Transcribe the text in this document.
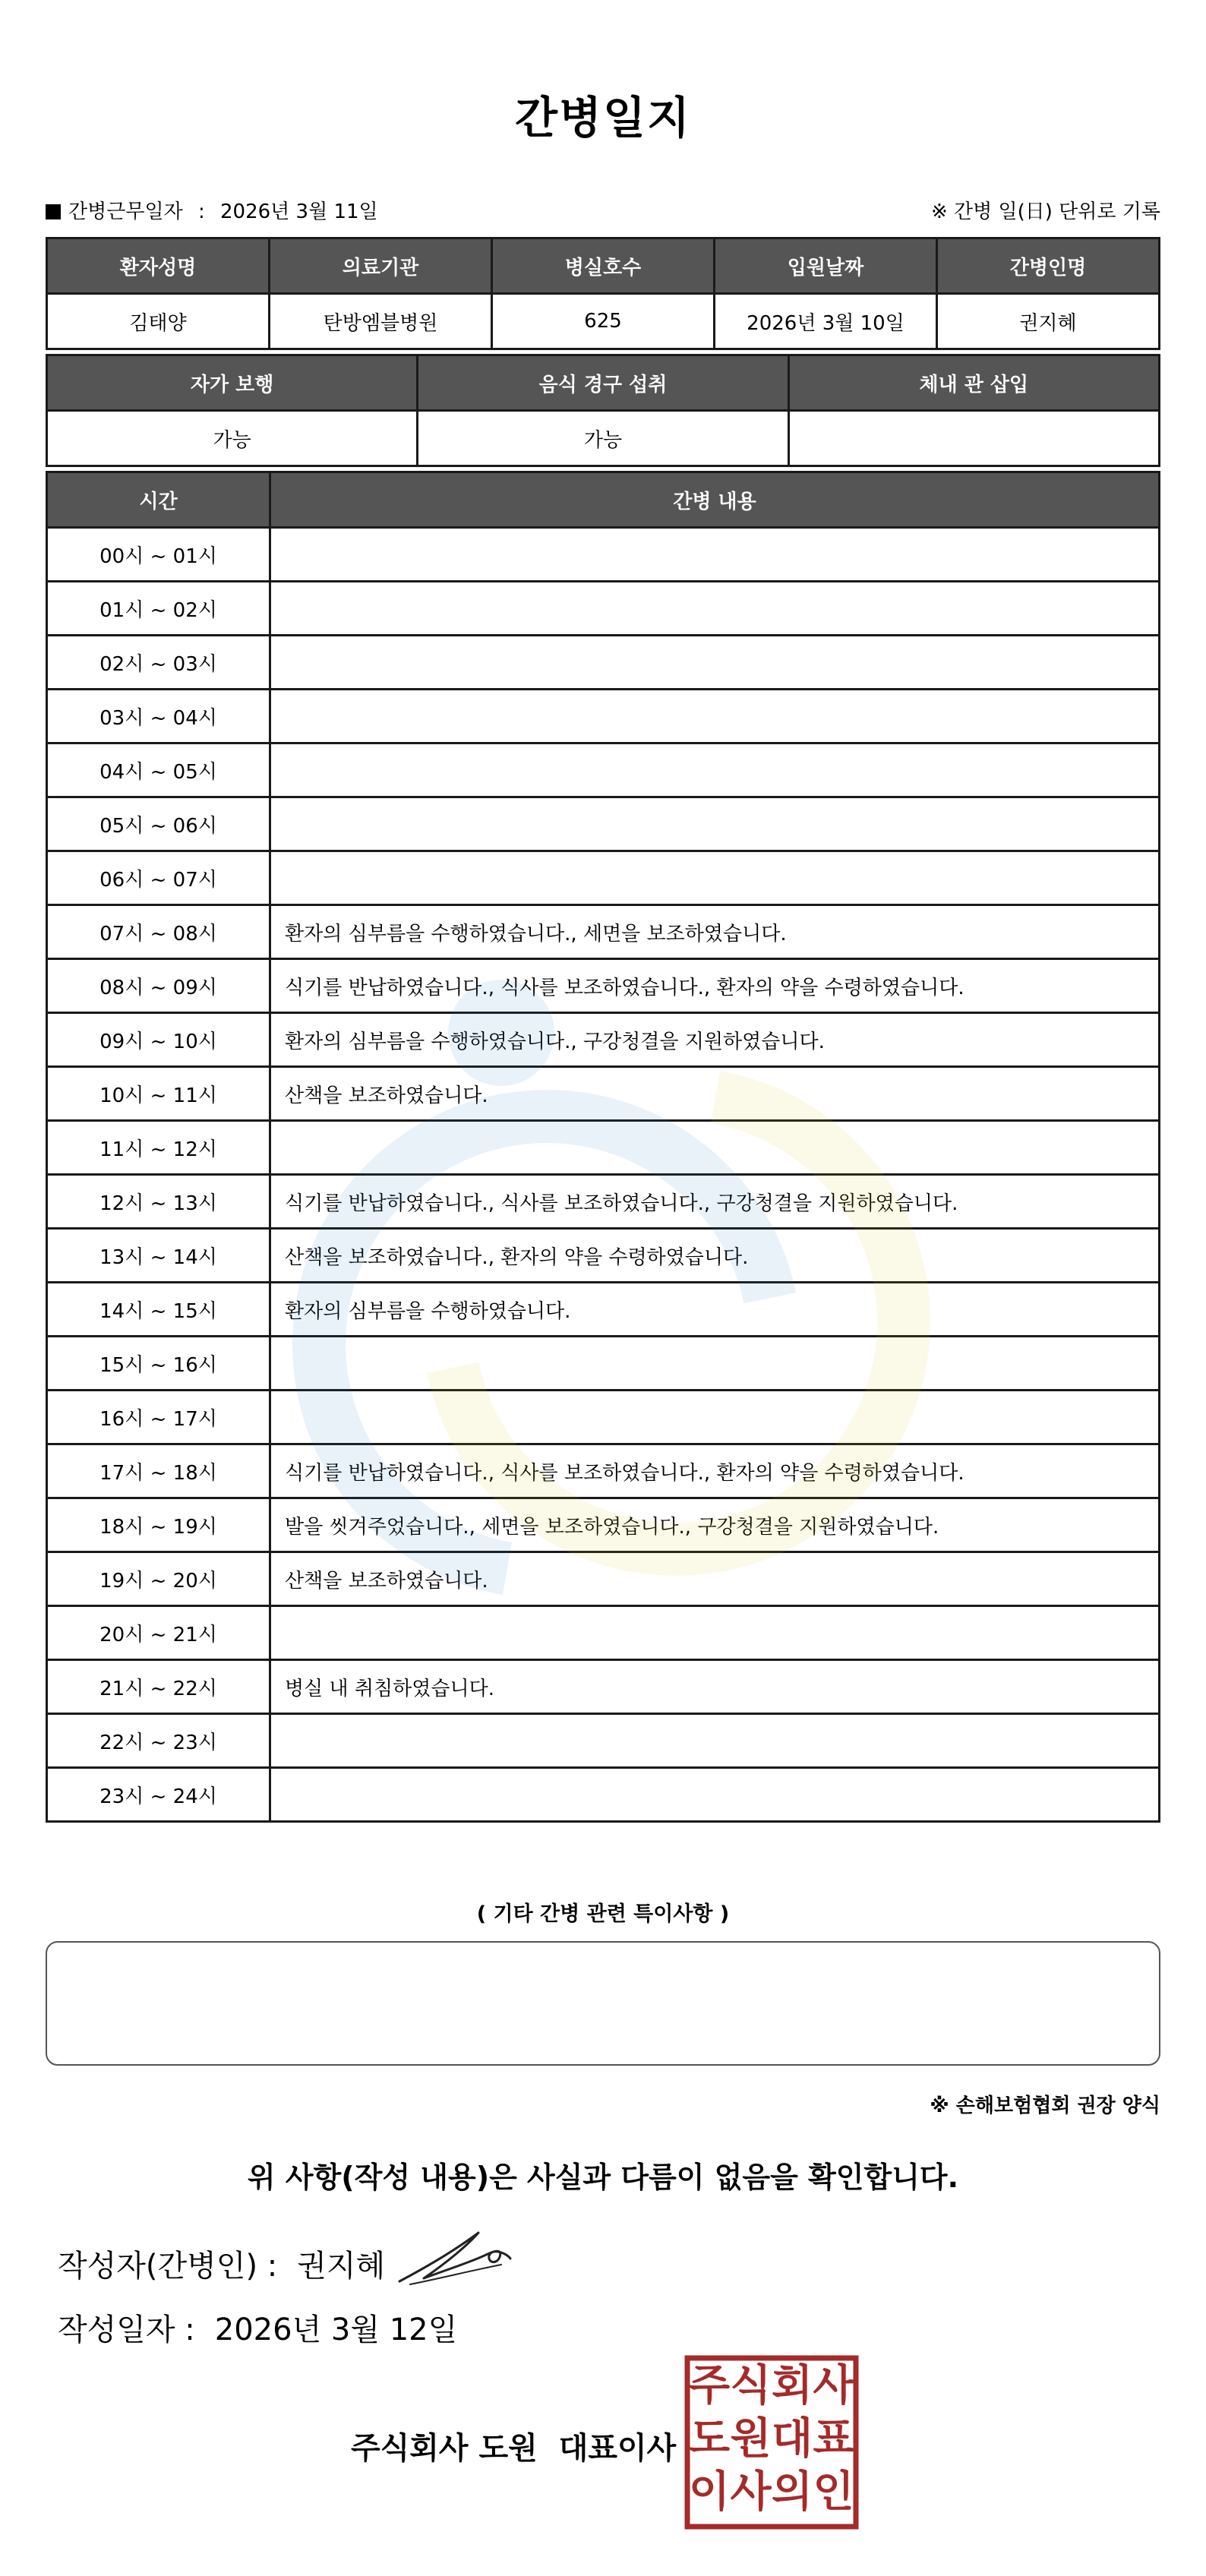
간병일지
간병근무일자 : 2026년 3월 11일	※ 간병 일(日) 단위로 기록
환자성명	의료기관	병실호수	입원날짜	간병인명
김태양	탄방엠블병원	625	2026년 3월 10일	권지혜
자가 보행	음식 경구 섭취	체내 관 삽입
가능	가능	
시간	간병 내용
00시 ~ 01시	
01시 ~ 02시	
02시 ~ 03시	
03시 ~ 04시	
04시 ~ 05시	
05시 ~ 06시	
06시 ~ 07시	
07시 ~ 08시	환자의 심부름을 수행하였습니다., 세면을 보조하였습니다.
08시 ~ 09시	식기를 반납하였습니다., 식사를 보조하였습니다., 환자의 약을 수령하였습니다.
09시 ~ 10시	환자의 심부름을 수행하였습니다., 구강청결을 지원하였습니다.
10시 ~ 11시	산책을 보조하였습니다.
11시 ~ 12시	
12시 ~ 13시	식기를 반납하였습니다., 식사를 보조하였습니다., 구강청결을 지원하였습니다.
13시 ~ 14시	산책을 보조하였습니다., 환자의 약을 수령하였습니다.
14시 ~ 15시	환자의 심부름을 수행하였습니다.
15시 ~ 16시	
16시 ~ 17시	
17시 ~ 18시	식기를 반납하였습니다., 식사를 보조하였습니다., 환자의 약을 수령하였습니다.
18시 ~ 19시	발을 씻겨주었습니다., 세면을 보조하였습니다., 구강청결을 지원하였습니다.
19시 ~ 20시	산책을 보조하였습니다.
20시 ~ 21시	
21시 ~ 22시	병실 내 취침하였습니다.
22시 ~ 23시	
23시 ~ 24시	
( 기타 간병 관련 특이사항 )
※ 손해보험협회 권장 양식
위 사항(작성 내용)은 사실과 다름이 없음을 확인합니다.
작성자(간병인) : 권지혜
작성일자 : 2026년 3월 12일
주식회사 도원 대표이사
주 식 회 사
도 원 대 표
이 사 의 인
